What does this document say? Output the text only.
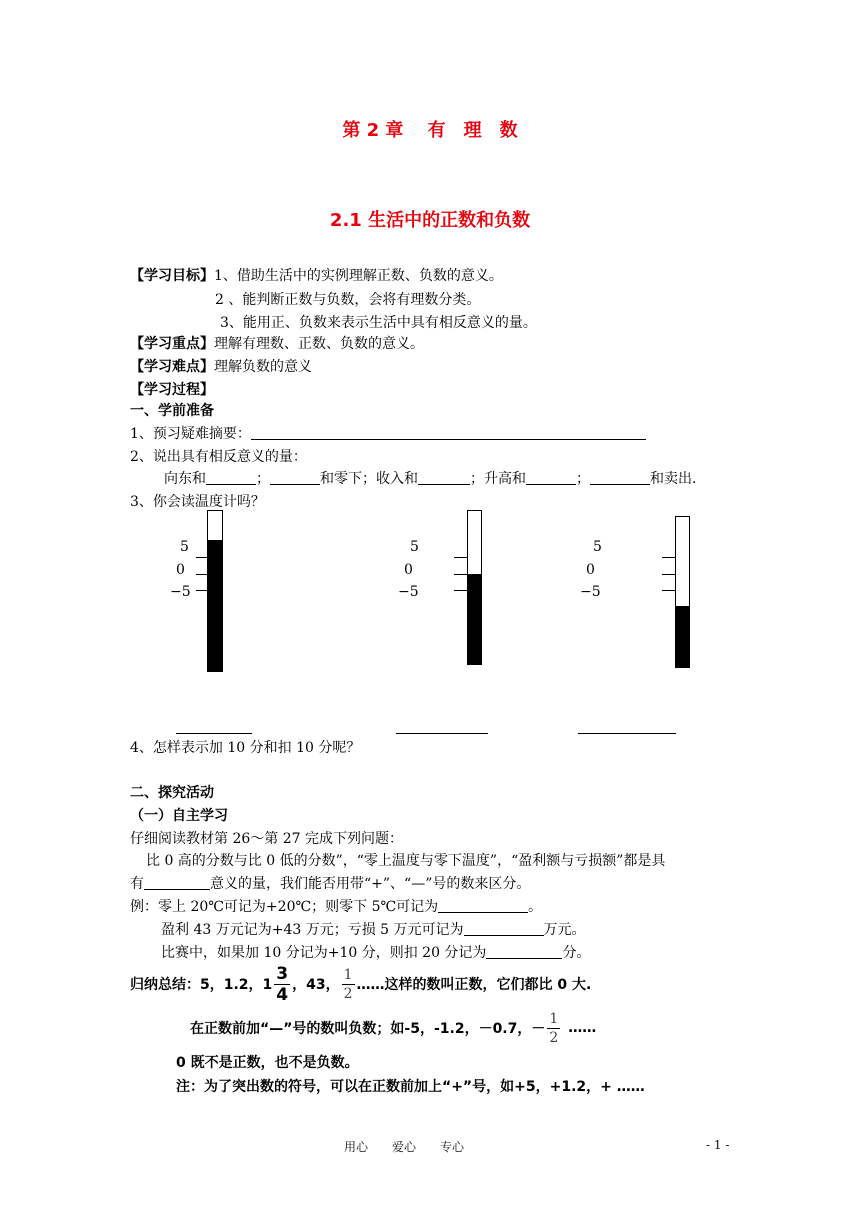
第 2 章　 有　理　数
2.1 生活中的正数和负数
【学习目标】1、借助生活中的实例理解正数、负数的意义。
2 、能判断正数与负数，会将有理数分类。
3、能用正、负数来表示生活中具有相反意义的量。
【学习重点】理解有理数、正数、负数的意义。
【学习难点】理解负数的意义
【学习过程】
一、学前准备
1、预习疑难摘要：
2、说出具有相反意义的量：
向东和	；	和零下；收入和	；升高和	；	和卖出.
3、你会读温度计吗？
5
0
−5
5
0
−5
5
0
−5
4、怎样表示加 10 分和扣 10 分呢？
二、探究活动
（一）自主学习
仔细阅读教材第 26～第 27 完成下列问题：
比 0 高的分数与比 0 低的分数”，“零上温度与零下温度”，“盈利额与亏损额”都是具
有	意义的量，我们能否用带“+”、“—”号的数来区分。
例：零上 20℃可记为+20℃；则零下 5℃可记为	。
盈利 43 万元记为+43 万元；亏损 5 万元可记为	万元。
比赛中，如果加 10 分记为+10 分，则扣 20 分记为	分。
归纳总结：5，1.2，$1 \frac{3}{4}$ ，43， $\frac{1}{2}$ ……这样的数叫正数，它们都比 0 大.
在正数前加“—”号的数叫负数；如-5，-1.2，－0.7，－ $\frac{1}{2}$ ……
0 既不是正数，也不是负数。
注：为了突出数的符号，可以在正数前加上“+”号，如+5，+1.2，+ ……
用心　　爱心　　专心	- 1 -
